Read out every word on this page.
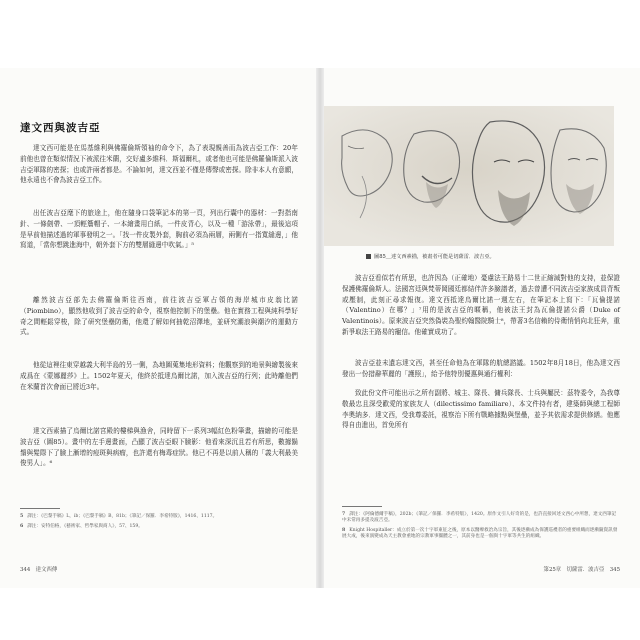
達文西與波吉亞

達文西可能是在馬基維利與佛羅倫斯領袖的命令下，為了表現親善而為波吉亞工作：20年前他也曾在類似情況下被派往米蘭，交好盧多維科．斯福爾札，或者他也可能是佛羅倫斯派入波吉亞軍隊的密探；也或許兩者都是。不論如何，達文西並不僅是傳聲或密探。除非本人有意願，他永遠也不會為波吉亞工作。

出任波吉亞麾下的旅途上，他在隨身口袋筆記本的第一頁，列出行囊中的器材：一對指南針、一條劍帶、一頂輕簷帽子、一本繪畫用白紙，一件皮背心，以及一種「游泳帶」，最後這項是早前他描述過的軍事發明之一。「找一件皮製外套，胸前必須為兩層，兩側有一指寬縫邊，」他寫道，「當你想跳進海中，朝外套下方的雙層縫邊中吹氣。」⁵

離然波吉亞部先去佛羅倫斯往西南，前往波吉亞軍占領的海岸城市皮翁比諾（Piombino），顯然他收到了波吉亞的命令，視察他控制下的堡壘。他在實務工程與純科學好奇之間輕鬆穿梭，除了研究堡壘防衛，他還了解如何抽乾沼澤地，並研究潮浪與潮汐的運動方式。

他從這裡往東穿越義大利半島的另一側，為地圖蒐集地形資料；他觀察到的地景與繪製後來成爲在《蒙娜麗莎》上。1502年夏天，他終於抵達烏爾比諾，加入波吉亞的行列；此時離他們在米蘭首次會面已將近3年。

達文西素描了烏爾比諾宮殿的樓梯與漁舍，同時留下一系列3幅紅色粉筆畫，描繪的可能是波吉亞（圖85）。畫中的左手邊畫面，凸顯了波吉亞眼下臉影：他看來深沉且若有所思，數據鬍鬚與髮際下了臉上漸增的痘斑與病瘤，也許還有梅毒症狀。他已不再是以前人稱的「義大利最美俊男人」。⁶

5 譯注：《巴黎手稿》L，ib；《巴黎手稿》B，81b；《筆記／保羅．李希特版》，1416、1117。

6 譯注：安特伯格，《藝術家、哲學家與商人》，57、159。

344　達文西傳
圖85＿達文西素描，被畫者可能是切薩雷．波吉亞。

波吉亞看似若有所思，也許因為（正確地）憂慮法王路易十二世正縮減對他的支持，並保證保護佛羅倫斯人。法國宮廷與梵蒂岡國廷都結伴許多臉譜者，過去曾遭不同波吉亞家族成員背叛或壓制，此刻正尋求報復。達文西抵達烏爾比諾一週左右，在筆記本上寫下：「瓦倫提諾（Valentino）在哪？」⁷用的是波吉亞的暱稱，他被法王封為瓦倫提諾公爵（Duke of Valentinois）。原來波吉亞突然偽裝為聖約翰醫院騎士⁸，帶著3名信賴的侍衛悄悄向北狂奔，重新爭取法王路易的寵信。他確實成功了。

波吉亞並未遺忘達文西，甚至任命他為在軍隊的航總諮議。1502年8月18日，他為達文西發出一份措辭華麗的「護照」，給予他特別優惠與通行權利：

致此份文件可能出示之所有副將、城主、隊長、傭兵隊長、士兵與屬民：茲特委令，為我尊敬最忠且深受歡愛的家族友人（dilectissimo familiare）、本文件持有者，建築師與總工程師李奧納多．達文西，受我尊委託，視察治下所有戰略據點與堡壘，並予其依需求提供修繕。他應得自由進出，首免所有

7 譯注：《阿倫德爾手稿》，202b；《筆記／保羅．李希特版》，1420。原作文引人好奇的是，也許直接回述文西心中所想，達文西筆記中未常再多提及波吉亞。

8 Knight Hospitaller：成立於第一次十字軍東征之後，原本以醫療救治為宗旨，其後逐漸成為保護巡禮者的重要組織而逐漸隨資訊發展大成，後來演變成為天主教會重地的宗教軍事團體之一，其前身也是一個與十字軍等共生的組織。

第25章　切薩雷．波吉亞　345
